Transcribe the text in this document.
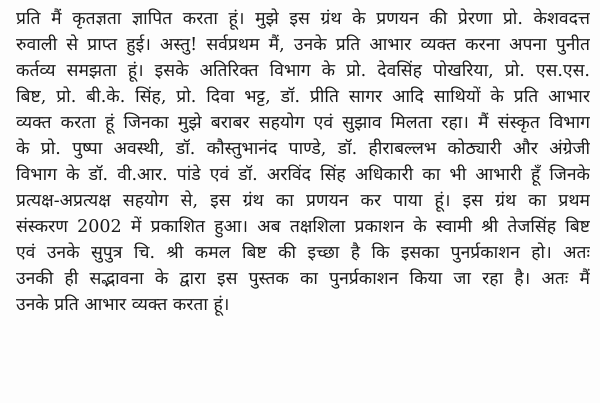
प्रति मैं कृतज्ञता ज्ञापित करता हूं। मुझे इस ग्रंथ के प्रणयन की प्रेरणा प्रो. केशवदत्त
रुवाली से प्राप्त हुई। अस्तु! सर्वप्रथम मैं, उनके प्रति आभार व्यक्त करना अपना पुनीत
कर्तव्य समझता हूं। इसके अतिरिक्त विभाग के प्रो. देवसिंह पोखरिया, प्रो. एस.एस.
बिष्ट, प्रो. बी.के. सिंह, प्रो. दिवा भट्ट, डॉ. प्रीति सागर आदि साथियों के प्रति आभार
व्यक्त करता हूं जिनका मुझे बराबर सहयोग एवं सुझाव मिलता रहा। मैं संस्कृत विभाग
के प्रो. पुष्पा अवस्थी, डॉ. कौस्तुभानंद पाण्डे, डॉ. हीराबल्लभ कोठ्यारी और अंग्रेजी
विभाग के डॉ. वी.आर. पांडे एवं डॉ. अरविंद सिंह अधिकारी का भी आभारी हूँ जिनके
प्रत्यक्ष-अप्रत्यक्ष सहयोग से, इस ग्रंथ का प्रणयन कर पाया हूं। इस ग्रंथ का प्रथम
संस्करण 2002 में प्रकाशित हुआ। अब तक्षशिला प्रकाशन के स्वामी श्री तेजसिंह बिष्ट
एवं उनके सुपुत्र चि. श्री कमल बिष्ट की इच्छा है कि इसका पुनर्प्रकाशन हो। अतः
उनकी ही सद्भावना के द्वारा इस पुस्तक का पुनर्प्रकाशन किया जा रहा है। अतः मैं
उनके प्रति आभार व्यक्त करता हूं।
